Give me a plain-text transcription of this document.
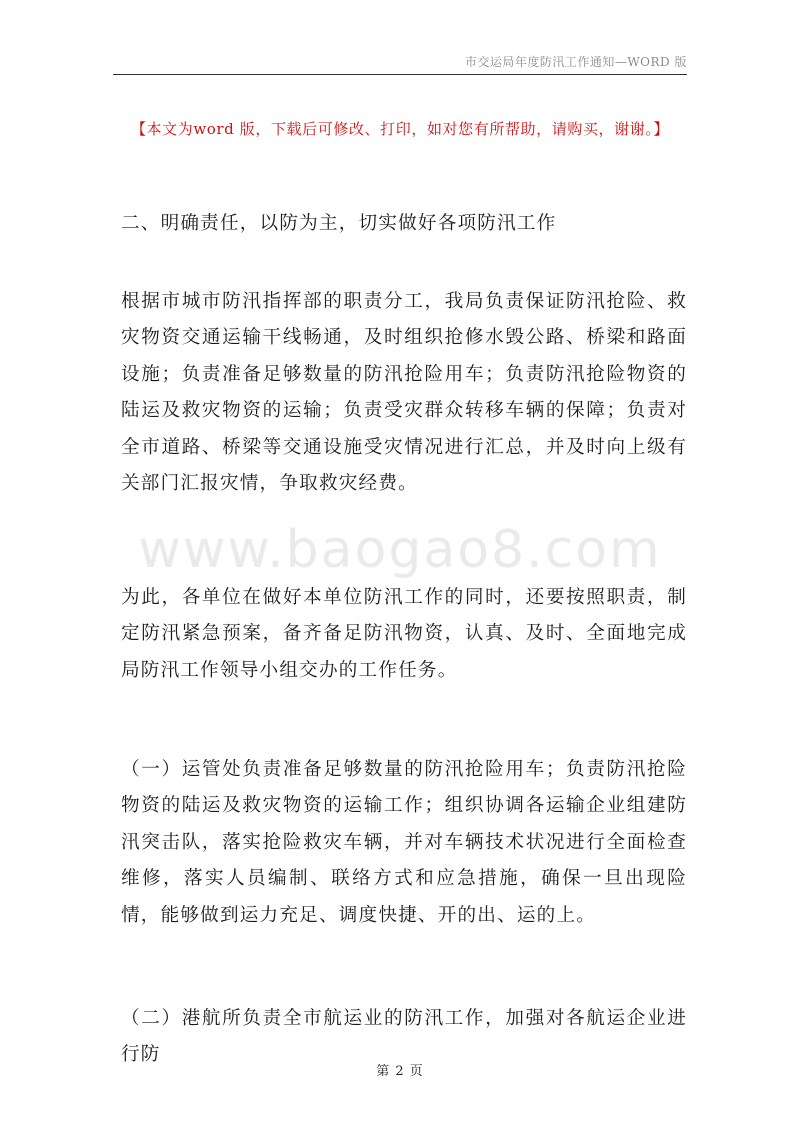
市交运局年度防汛工作通知—WORD 版
【本文为word 版，下载后可修改、打印，如对您有所帮助，请购买，谢谢。】

二、明确责任，以防为主，切实做好各项防汛工作

根据市城市防汛指挥部的职责分工，我局负责保证防汛抢险、救灾物资交通运输干线畅通，及时组织抢修水毁公路、桥梁和路面设施；负责准备足够数量的防汛抢险用车；负责防汛抢险物资的陆运及救灾物资的运输；负责受灾群众转移车辆的保障；负责对全市道路、桥梁等交通设施受灾情况进行汇总，并及时向上级有关部门汇报灾情，争取救灾经费。

www.baogao8.com

为此，各单位在做好本单位防汛工作的同时，还要按照职责，制定防汛紧急预案，备齐备足防汛物资，认真、及时、全面地完成局防汛工作领导小组交办的工作任务。

（一）运管处负责准备足够数量的防汛抢险用车；负责防汛抢险物资的陆运及救灾物资的运输工作；组织协调各运输企业组建防汛突击队，落实抢险救灾车辆，并对车辆技术状况进行全面检查维修，落实人员编制、联络方式和应急措施，确保一旦出现险情，能够做到运力充足、调度快捷、开的出、运的上。

（二）港航所负责全市航运业的防汛工作，加强对各航运企业进行防

第 2 页
